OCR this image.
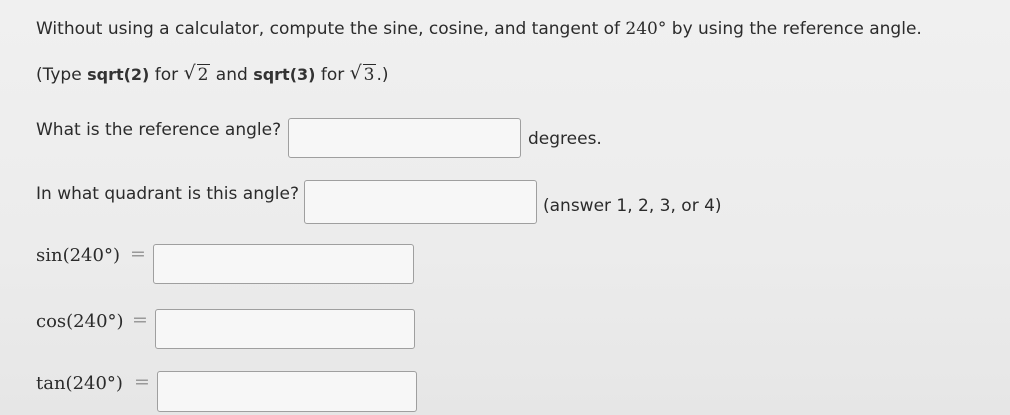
Without using a calculator, compute the sine, cosine, and tangent of 240° by using the reference angle.
(Type sqrt(2) for √ 2 and sqrt(3) for √ 3 .)
What is the reference angle?	degrees.
In what quadrant is this angle?
(answer 1, 2, 3, or 4)
sin(240°) =
cos(240°) =
tan(240°) =
